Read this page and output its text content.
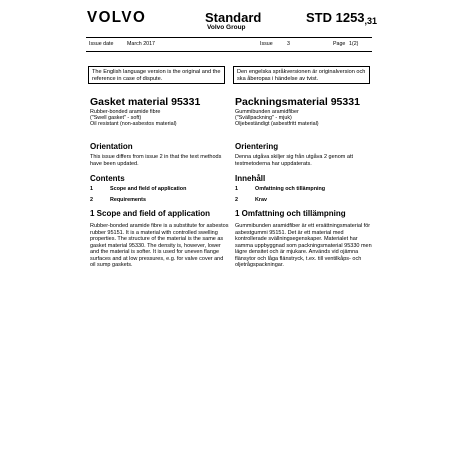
VOLVO	Standard
Volvo Group
STD $1253_{,31}$
Issue date	March 2017	Issue	3	Page 1(2)
The English language version is the original and the reference in case of dispute.
Den engelska språkversionen är originalversion och ska åberopas i händelse av tvist.
Gasket material 95331
Rubber-bonded aramide fibre
("Swell gasket" - soft)
Oil resistant (non-asbestos material)
Orientation
This issue differs from issue 2 in that the text methods have been updated.
Contents
1	Scope and field of application
2	Requirements
1 Scope and field of application
Rubber-bonded aramide fibre is a substitute for asbestos rubber 95151. It is a material with controlled swelling properties. The structure of the material is the same as gasket material 95330. The density is, however, lower and the material is softer. It is used for uneven flange surfaces and at low pressures, e.g. for valve cover and oil sump gaskets.
Packningsmaterial 95331
Gummibunden aramidfiber
("Svällpackning" - mjuk)
Oljebeständigt (asbestfritt material)
Orientering
Denna utgåva skiljer sig från utgåva 2 genom att testmetoderna har uppdaterats.
Innehåll
1	Omfattning och tillämpning
2	Krav
1 Omfattning och tillämpning
Gummibunden aramidfiber är ett ersättningsmaterial för asbestgummi 95151. Det är ett material med kontrollerade svällningsegenskaper. Materialet har samma uppbyggnad som packningsmaterial 95330 men lägre densitet och är mjukare. Används vid ojämna flänsytor och låga flänstryck, t.ex. till ventilkåps- och oljetrågspackningar.
